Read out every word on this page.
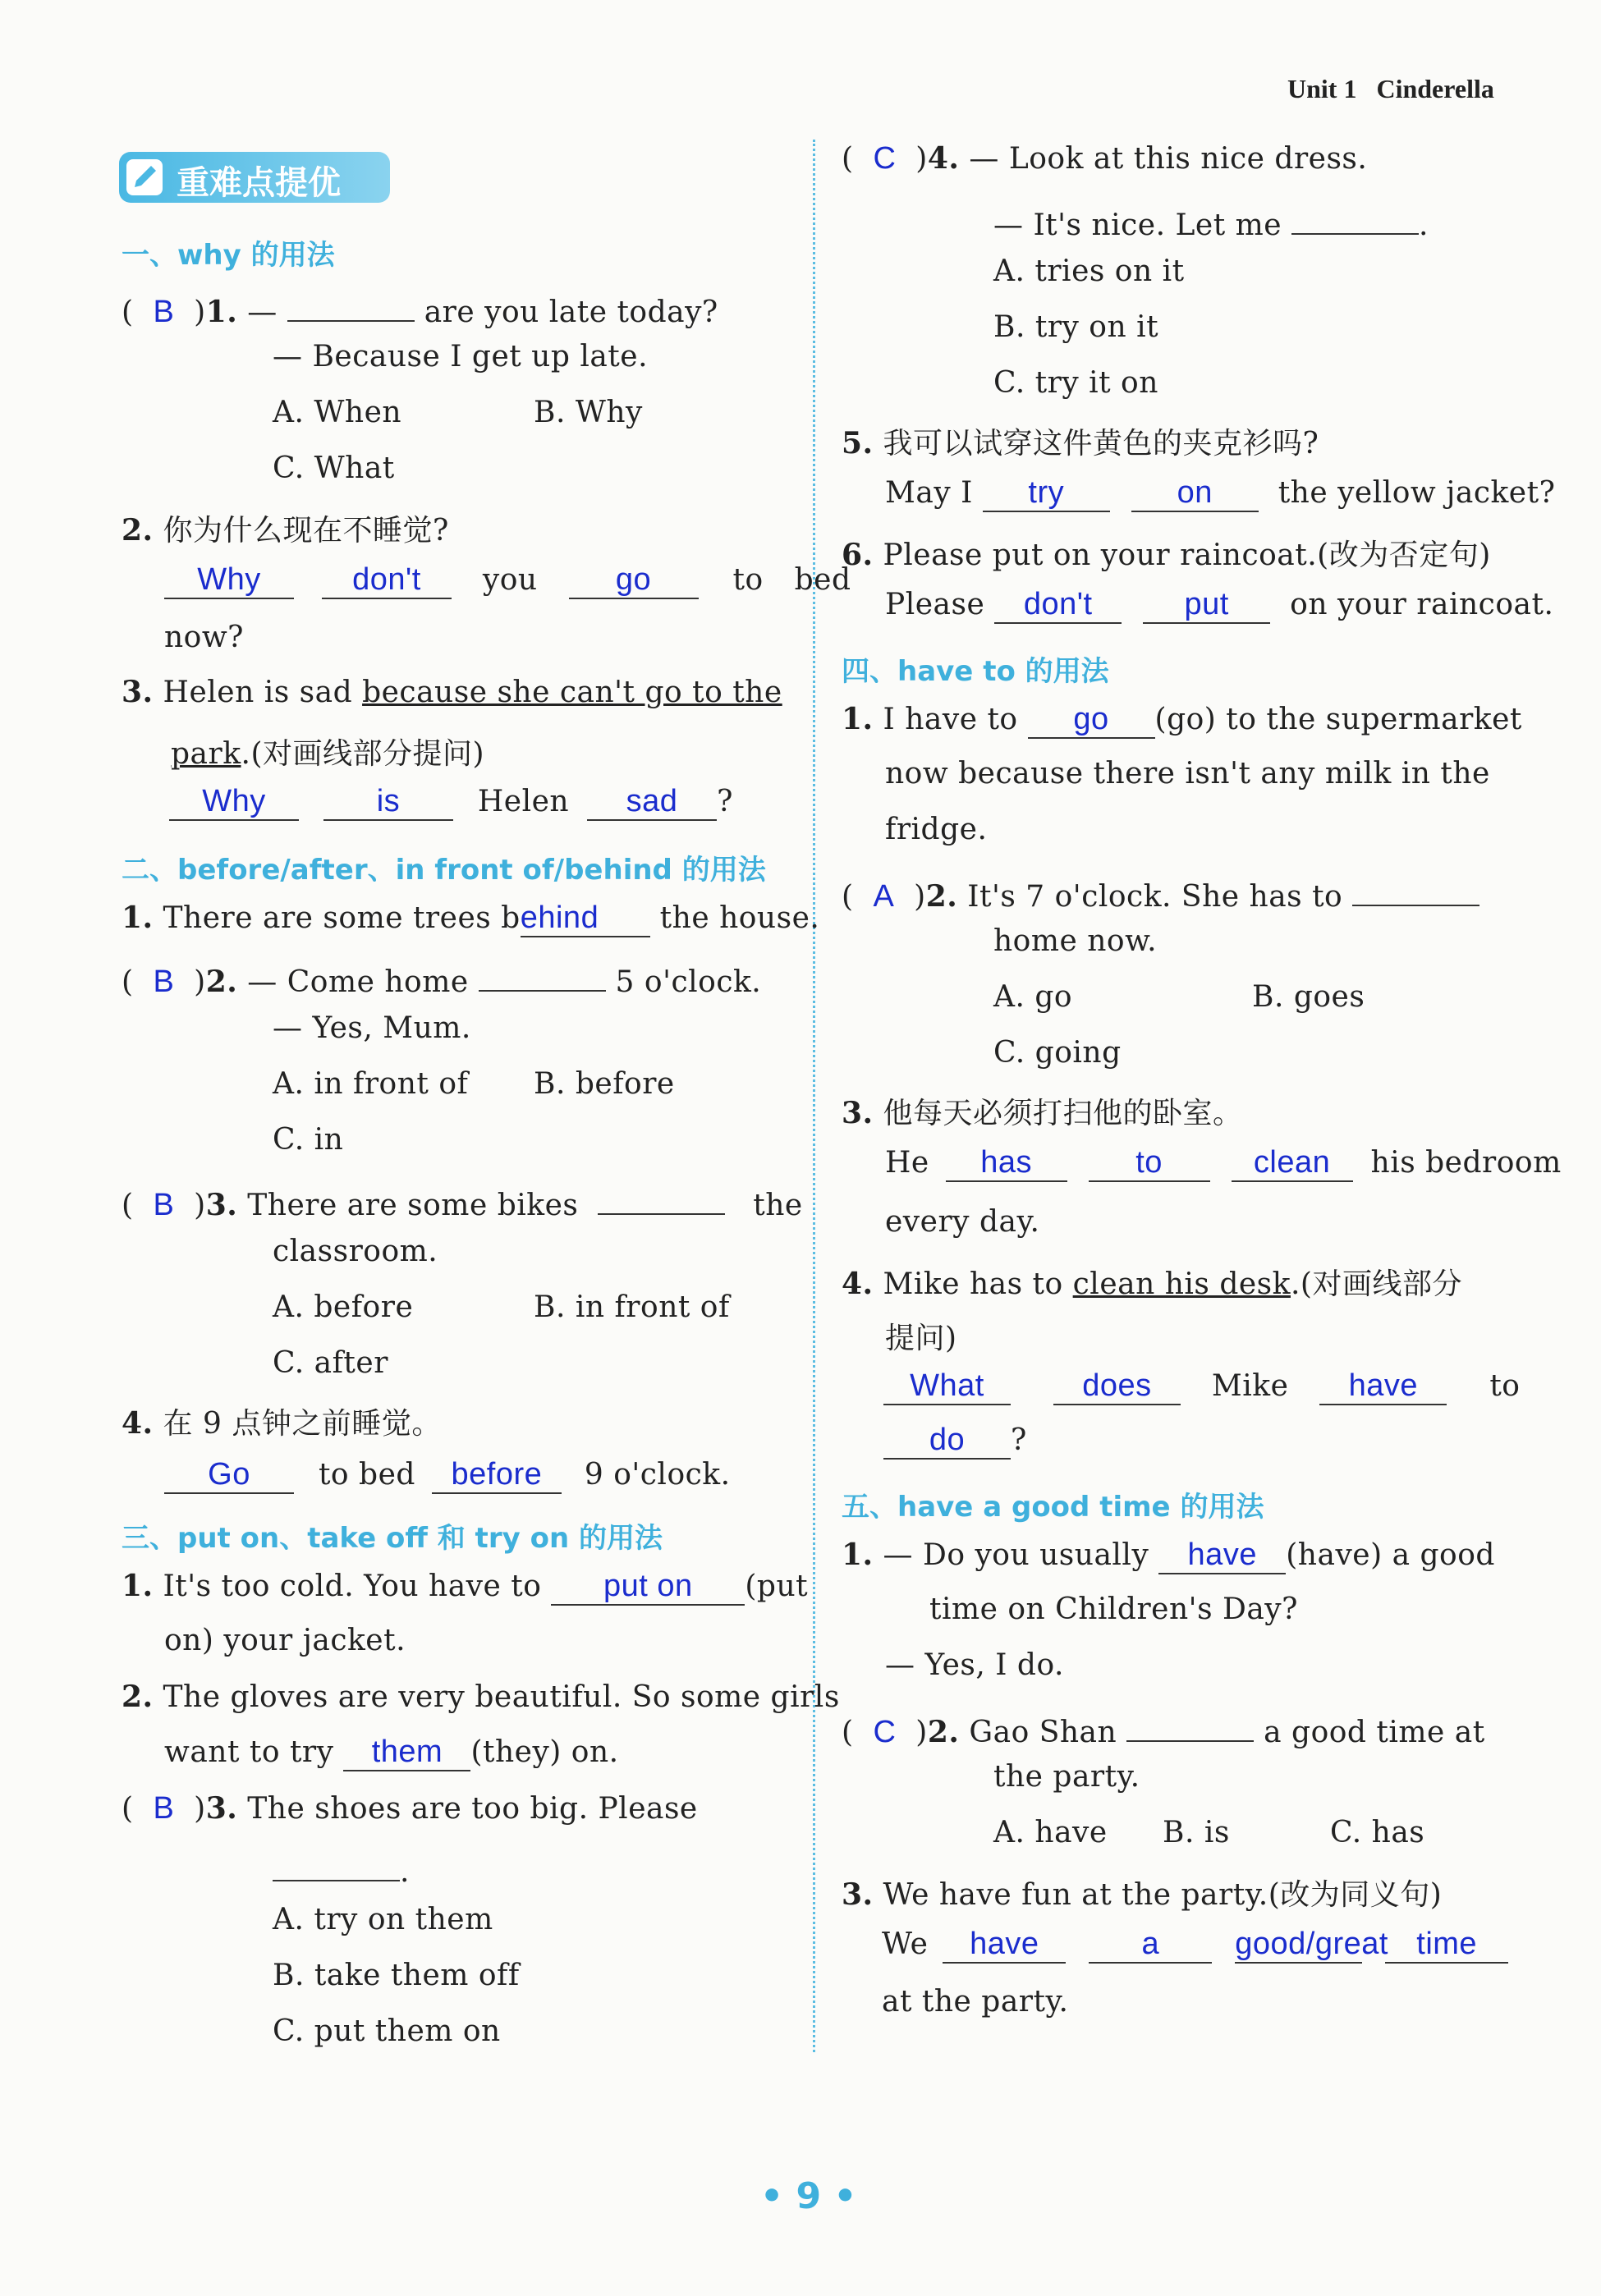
Unit 1 Cinderella
重难点提优
一、why 的用法
(  B  )1. —	are you late today?
— Because I get up late.
A. When	B. Why
C. What
2. 你为什么现在不睡觉?
Why	don't you	go	to bed
now?
3. Helen is sad because she can't go to the
park.(对画线部分提问)
Why	is	Helen sad ?
二、before/after、in front of/behind 的用法
1. There are some trees behind the house.
(  B  )2. — Come home	5 o'clock.
— Yes, Mum.
A. in front of B. before
C. in
(  B  )3. There are some bikes	the
classroom.
A. before	B. in front of
C. after
4. 在 9 点钟之前睡觉。
Go to bed before 9 o'clock.
三、put on、take off 和 try on 的用法
1. It's too cold. You have to put on (put
on) your jacket.
2. The gloves are very beautiful. So some girls
want to try them (they) on.
(  B  )3. The shoes are too big. Please
.
A. try on them
B. take them off
C. put them on
(  C  )4. — Look at this nice dress.
— It's nice. Let me	.
A. tries on it
B. try on it
C. try it on
5. 我可以试穿这件黄色的夹克衫吗?
May I try	on the yellow jacket?
6. Please put on your raincoat.(改为否定句)
Please don't	put on your raincoat.
四、have to 的用法
1. I have to go (go) to the supermarket
now because there isn't any milk in the
fridge.
(  A  )2. It's 7 o'clock. She has to
home now.
A. go	B. goes
C. going
3. 他每天必须打扫他的卧室。
He has	to	clean his bedroom
every day.
4. Mike has to clean his desk.(对画线部分
提问)
What	does Mike have to
do ?
五、have a good time 的用法
1. — Do you usually have (have) a good
time on Children's Day?
— Yes, I do.
(  C  )2. Gao Shan	a good time at
the party.
A. have B. is	C. has
3. We have fun at the party.(改为同义句)
We have	a good/great time
at the party.
• 9 •
